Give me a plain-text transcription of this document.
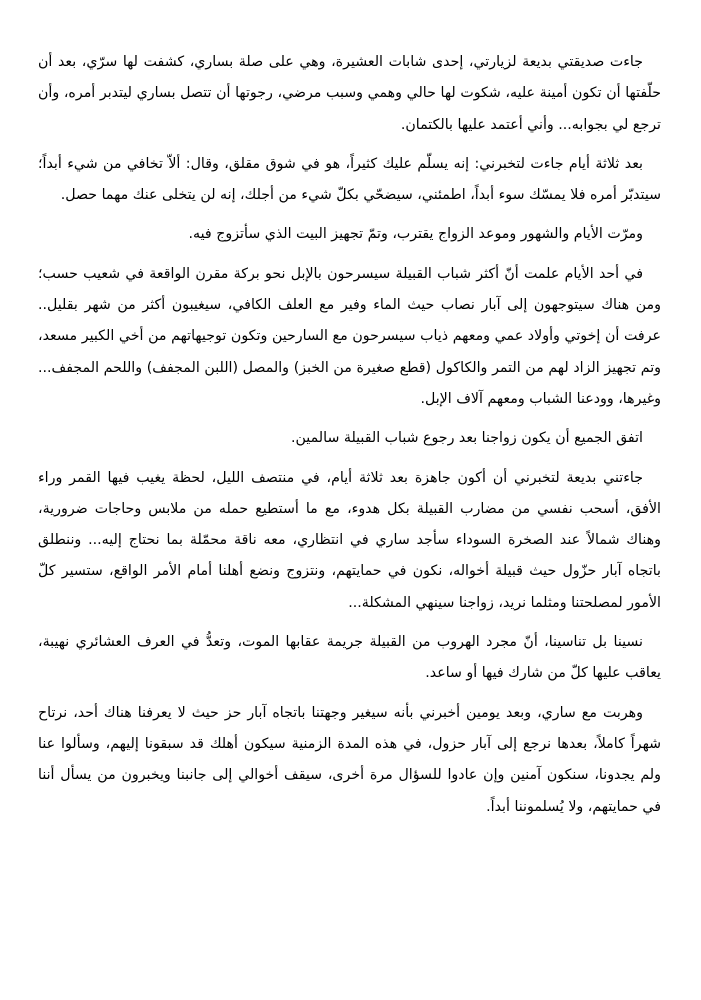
جاءت صديقتي بديعة لزيارتي، إحدى شابات العشيرة، وهي على صلة بساري، كشفت لها سرّي، بعد أن حلّفتها أن تكون أمينة عليه، شكوت لها حالي وهمي وسبب مرضي، رجوتها أن تتصل بساري ليتدبر أمره، وأن ترجع لي بجوابه... وأني أعتمد عليها بالكتمان.

بعد ثلاثة أيام جاءت لتخبرني: إنه يسلّم عليك كثيراً، هو في شوق مقلق، وقال: ألاّ تخافي من شيء أبداً؛ سيتدبّر أمره فلا يمسّك سوء أبداً، اطمئني، سيضحّي بكلّ شيء من أجلك، إنه لن يتخلى عنك مهما حصل.

ومرّت الأيام والشهور وموعد الزواج يقترب، وتمّ تجهيز البيت الذي سأتزوج فيه.

في أحد الأيام علمت أنّ أكثر شباب القبيلة سيسرحون بالإبل نحو بركة مقرن الواقعة في شعيب حسب؛ ومن هناك سيتوجهون إلى آبار نصاب حيث الماء وفير مع العلف الكافي، سيغيبون أكثر من شهر بقليل.. عرفت أن إخوتي وأولاد عمي ومعهم ذياب سيسرحون مع السارحين وتكون توجيهاتهم من أخي الكبير مسعد، وتم تجهيز الزاد لهم من التمر والكاكول (قطع صغيرة من الخبز) والمصل (اللبن المجفف) واللحم المجفف... وغيرها، وودعنا الشباب ومعهم آلاف الإبل.

اتفق الجميع أن يكون زواجنا بعد رجوع شباب القبيلة سالمين.

جاءتني بديعة لتخبرني أن أكون جاهزة بعد ثلاثة أيام، في منتصف الليل، لحظة يغيب فيها القمر وراء الأفق، أسحب نفسي من مضارب القبيلة بكل هدوء، مع ما أستطيع حمله من ملابس وحاجات ضرورية، وهناك شمالاً عند الصخرة السوداء سأجد ساري في انتظاري، معه ناقة محمّلة بما نحتاج إليه... وننطلق باتجاه آبار حزّول حيث قبيلة أخواله، نكون في حمايتهم، ونتزوج ونضع أهلنا أمام الأمر الواقع، ستسير كلّ الأمور لمصلحتنا ومثلما نريد، زواجنا سينهي المشكلة...

نسينا بل تناسينا، أنّ مجرد الهروب من القبيلة جريمة عقابها الموت، وتعدُّ في العرف العشائري نهيبة، يعاقب عليها كلّ من شارك فيها أو ساعد.

وهربت مع ساري، وبعد يومين أخبرني بأنه سيغير وجهتنا باتجاه آبار حز حيث لا يعرفنا هناك أحد، نرتاح شهراً كاملاً، بعدها نرجع إلى آبار حزول، في هذه المدة الزمنية سيكون أهلك قد سبقونا إليهم، وسألوا عنا ولم يجدونا، سنكون آمنين وإن عادوا للسؤال مرة أخرى، سيقف أخوالي إلى جانبنا ويخبرون من يسأل أننا في حمايتهم، ولا يُسلموننا أبداً.
